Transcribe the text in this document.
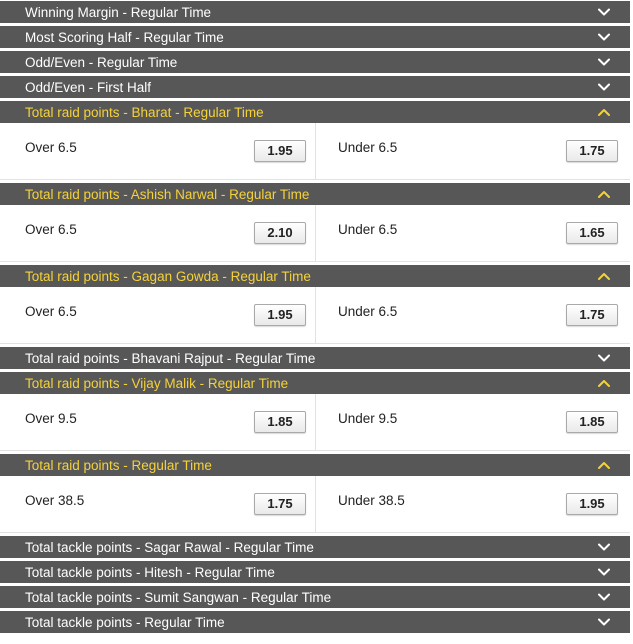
Winning Margin - Regular Time
Most Scoring Half - Regular Time
Odd/Even - Regular Time
Odd/Even - First Half
Total raid points - Bharat - Regular Time
Over 6.5	1.95	Under 6.5	1.75
Total raid points - Ashish Narwal - Regular Time
Over 6.5	2.10	Under 6.5	1.65
Total raid points - Gagan Gowda - Regular Time
Over 6.5	1.95	Under 6.5	1.75
Total raid points - Bhavani Rajput - Regular Time
Total raid points - Vijay Malik - Regular Time
Over 9.5	1.85	Under 9.5	1.85
Total raid points - Regular Time
Over 38.5	1.75	Under 38.5	1.95
Total tackle points - Sagar Rawal - Regular Time
Total tackle points - Hitesh - Regular Time
Total tackle points - Sumit Sangwan - Regular Time
Total tackle points - Regular Time
